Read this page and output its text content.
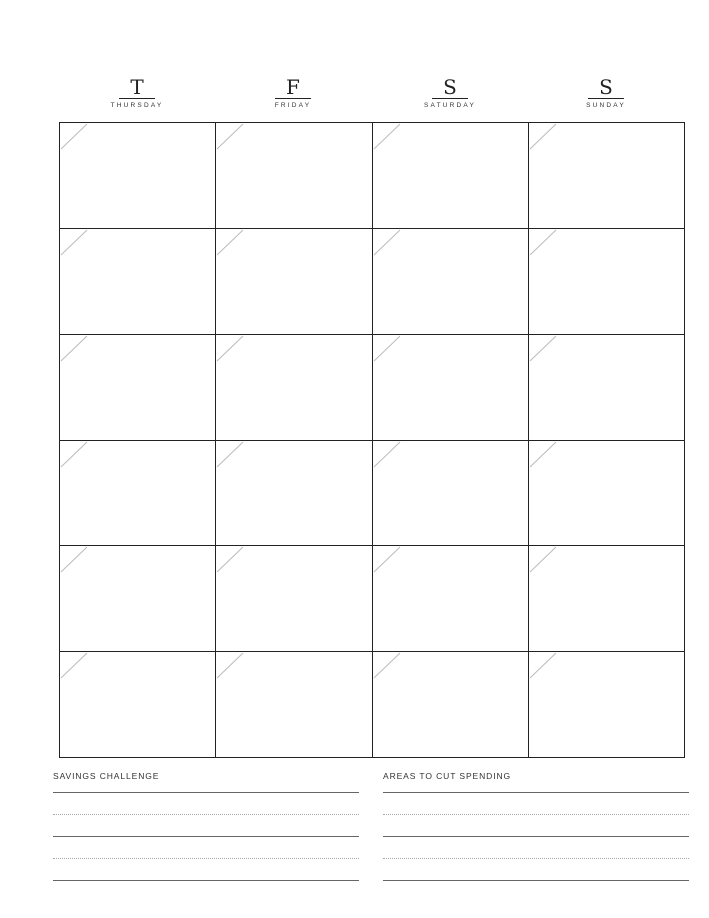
T
THURSDAY
F
FRIDAY
S
SATURDAY
S
SUNDAY
SAVINGS CHALLENGE	AREAS TO CUT SPENDING
